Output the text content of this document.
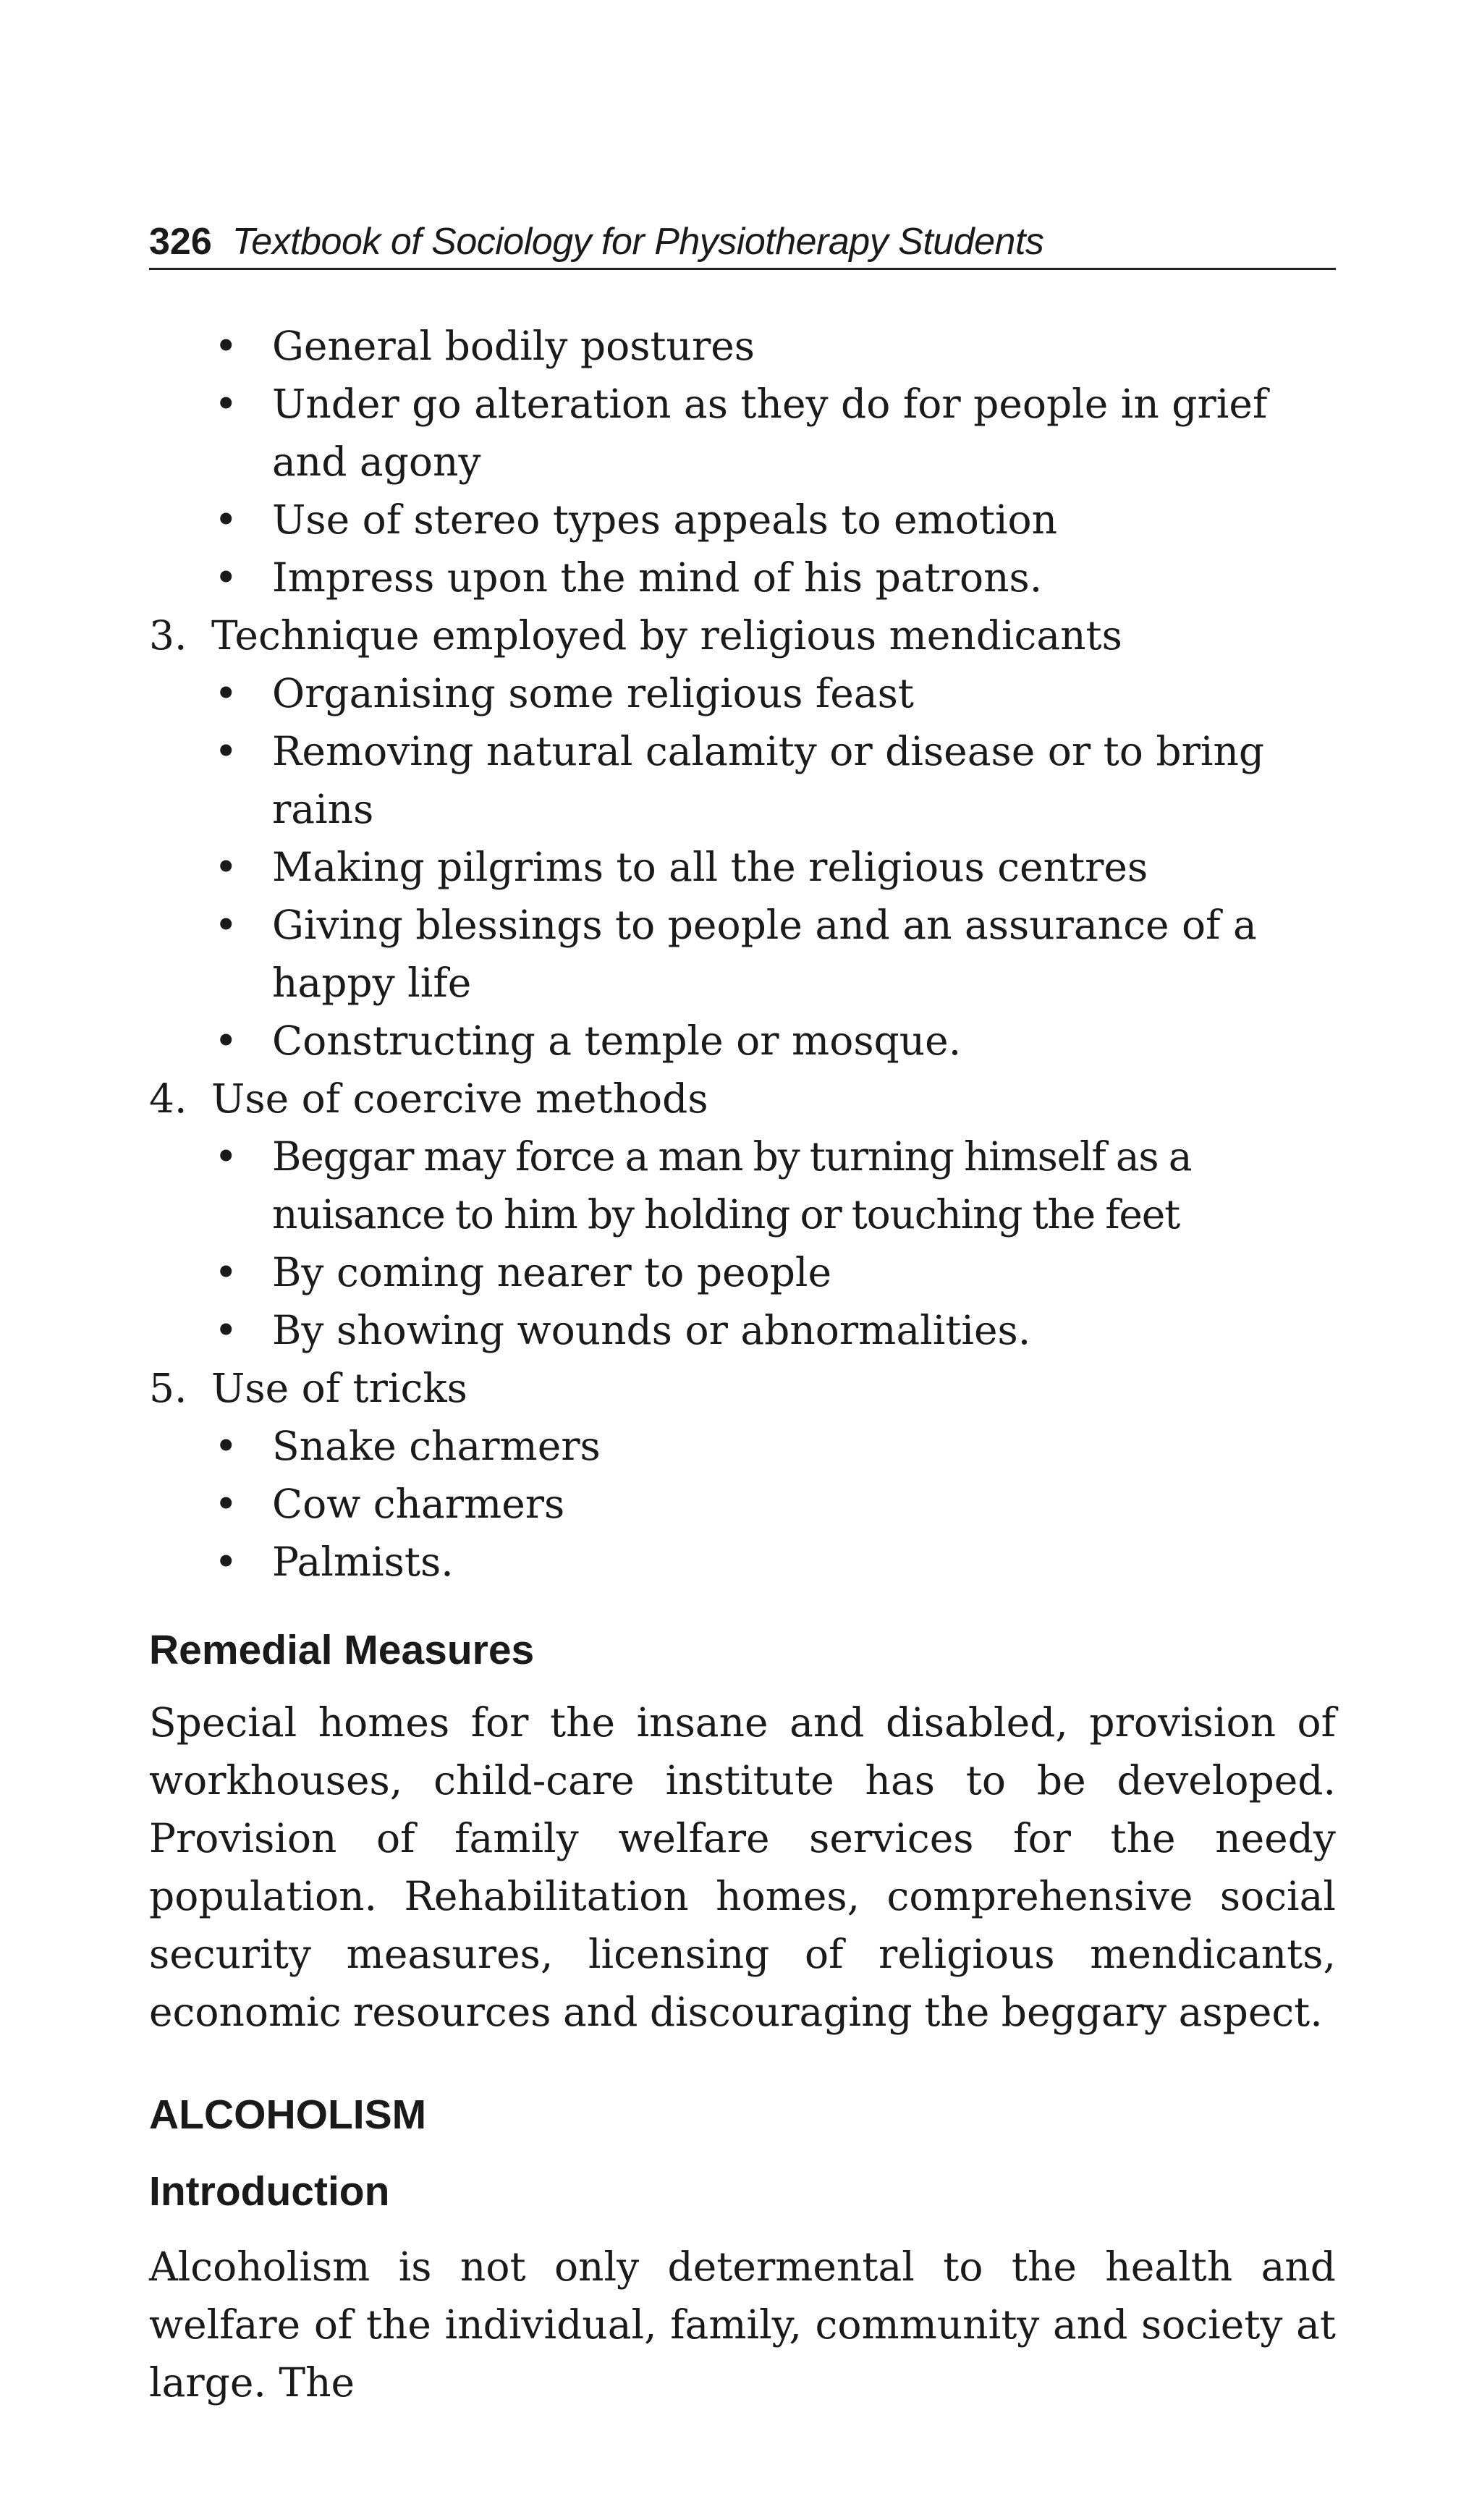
326 Textbook of Sociology for Physiotherapy Students

• General bodily postures

• Under go alteration as they do for people in grief and agony

• Use of stereo types appeals to emotion

• Impress upon the mind of his patrons.

3. Technique employed by religious mendicants

• Organising some religious feast

• Removing natural calamity or disease or to bring rains

• Making pilgrims to all the religious centres

• Giving blessings to people and an assurance of a happy life

• Constructing a temple or mosque.

4. Use of coercive methods

• Beggar may force a man by turning himself as a nuisance to him by holding or touching the feet

• By coming nearer to people

• By showing wounds or abnormalities.

5. Use of tricks

• Snake charmers

• Cow charmers

• Palmists.

Remedial Measures

Special homes for the insane and disabled, provision of workhouses, child-care institute has to be developed. Provision of family welfare services for the needy population. Rehabilitation homes, comprehensive social security measures, licensing of religious mendicants, economic resources and discouraging the beggary aspect.

ALCOHOLISM
Introduction

Alcoholism is not only determental to the health and welfare of the individual, family, community and society at large. The
